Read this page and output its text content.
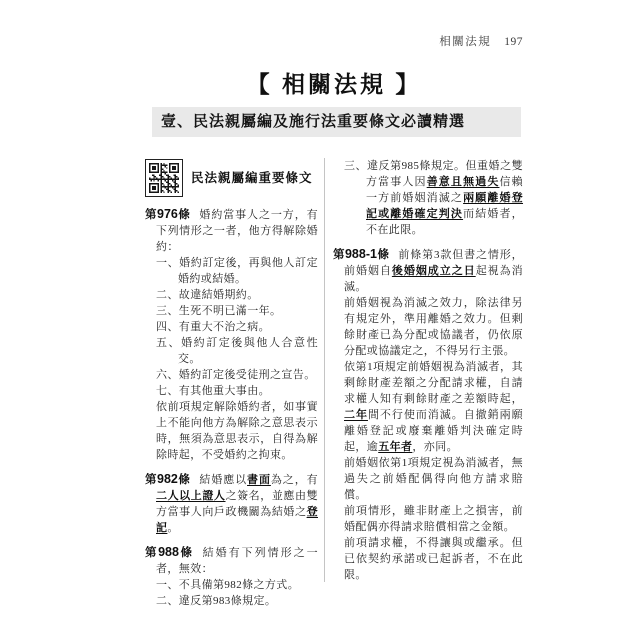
相關法規 197
【 相關法規 】
壹、民法親屬編及施行法重要條文必讀精選
民法親屬編重要條文

第976條 婚約當事人之一方，有下列情形之一者，他方得解除婚約：

一、婚約訂定後，再與他人訂定婚約或結婚。

二、故違結婚期約。

三、生死不明已滿一年。

四、有重大不治之病。

五、婚約訂定後與他人合意性交。

六、婚約訂定後受徒刑之宣告。

七、有其他重大事由。

依前項規定解除婚約者，如事實上不能向他方為解除之意思表示時，無須為意思表示，自得為解除時起，不受婚約之拘束。

第982條 結婚應以書面為之，有二人以上證人之簽名，並應由雙方當事人向戶政機關為結婚之登記。

第988條 結婚有下列情形之一者，無效：

一、不具備第982條之方式。

二、違反第983條規定。

三、違反第985條規定。但重婚之雙方當事人因善意且無過失信賴一方前婚姻消滅之兩願離婚登記或離婚確定判決而結婚者，不在此限。

第988-1條 前條第3款但書之情形，前婚姻自後婚姻成立之日起視為消滅。

前婚姻視為消滅之效力，除法律另有規定外，準用離婚之效力。但剩餘財產已為分配或協議者，仍依原分配或協議定之，不得另行主張。

依第1項規定前婚姻視為消滅者，其剩餘財產差額之分配請求權，自請求權人知有剩餘財產之差額時起，二年間不行使而消滅。自撤銷兩願離婚登記或廢棄離婚判決確定時起，逾五年者，亦同。

前婚姻依第1項規定視為消滅者，無過失之前婚配偶得向他方請求賠償。

前項情形，雖非財產上之損害，前婚配偶亦得請求賠償相當之金額。

前項請求權，不得讓與或繼承。但已依契約承諾或已起訴者，不在此限。
